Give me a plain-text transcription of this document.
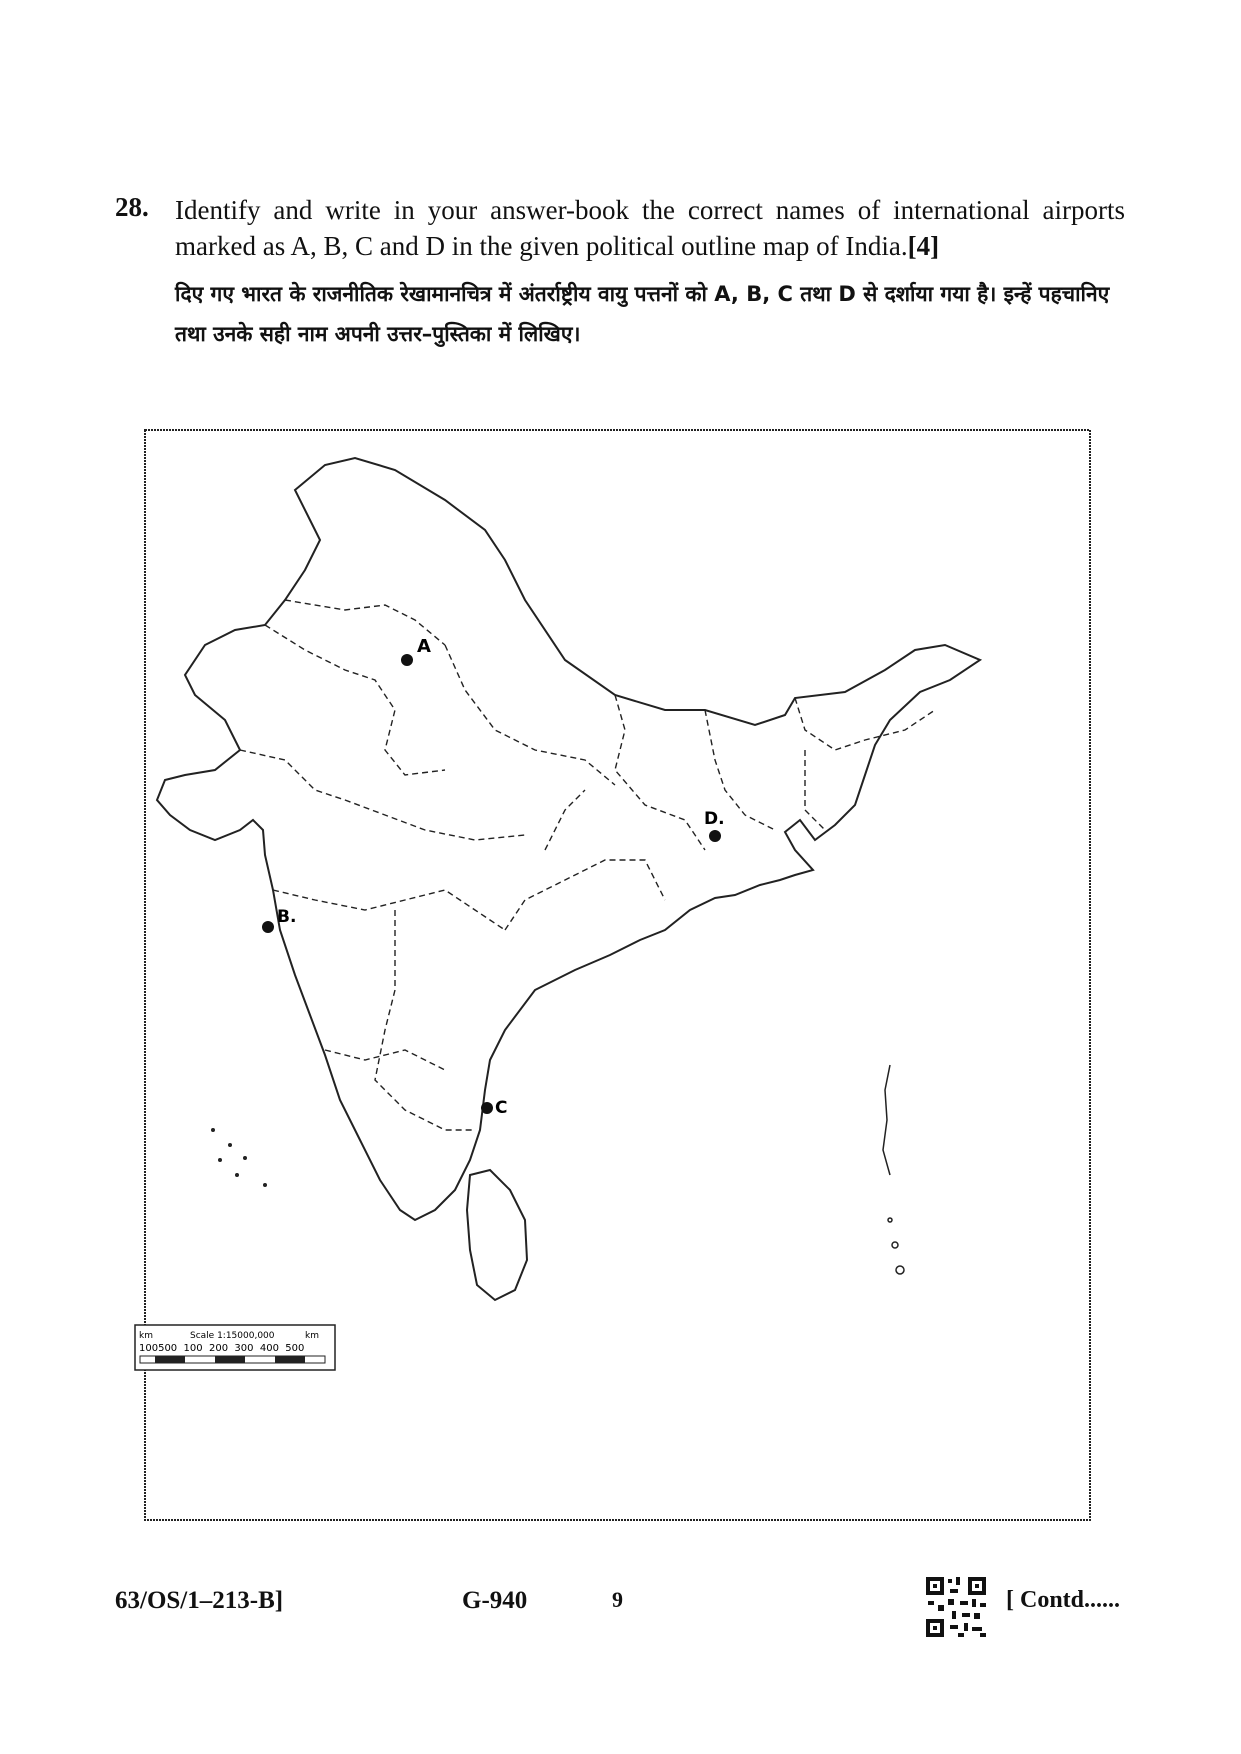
28. Identify and write in your answer-book the correct names of international airports marked as A, B, C and D in the given political outline map of India.[4]
दिए गए भारत के राजनीतिक रेखामानचित्र में अंतर्राष्ट्रीय वायु पत्तनों को A, B, C तथा D से दर्शाया गया है। इन्हें पहचानिए तथा उनके सही नाम अपनी उत्तर–पुस्तिका में लिखिए।
A
B.
C
D.
km	Scale 1:15000,000	km
100500  100  200  300  400  500
63/OS/1–213-B]	G-940	9	[ Contd......
